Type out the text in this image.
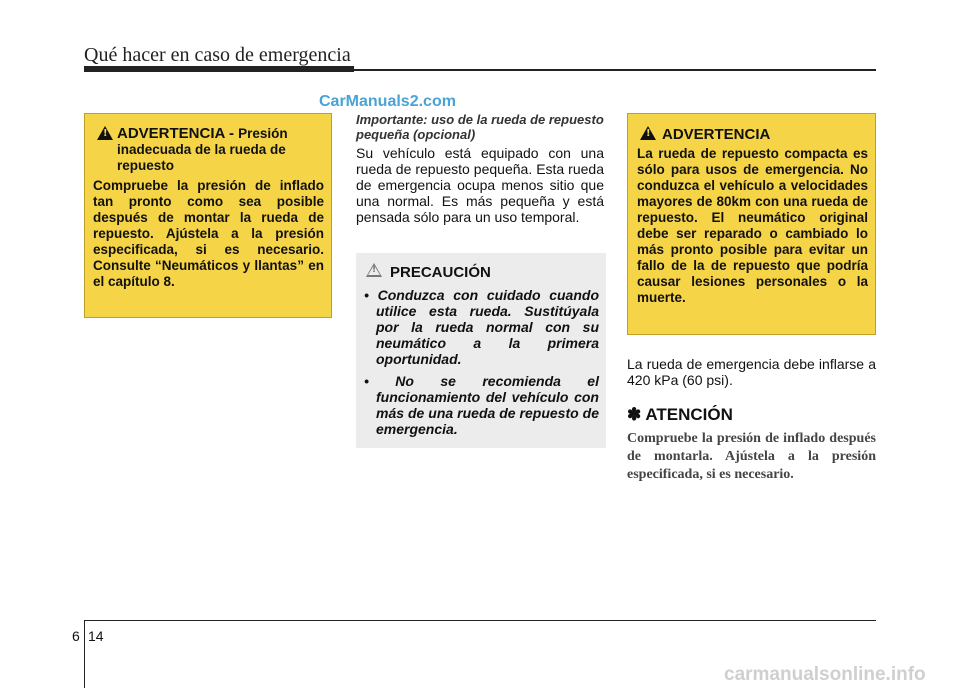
Qué hacer en caso de emergencia
CarManuals2.com
!
ADVERTENCIA - Presión inadecuada de la rueda de repuesto
Compruebe la presión de inflado tan pronto como sea posible después de montar la rueda de repuesto. Ajústela a la presión especificada, si es necesario. Consulte “Neumáticos y llantas” en el capítulo 8.
Importante: uso de la rueda de repuesto pequeña (opcional)
Su vehículo está equipado con una rueda de repuesto pequeña. Esta rueda de emergencia ocupa menos sitio que una normal. Es más pequeña y está pensada sólo para un uso temporal.
!
PRECAUCIÓN
• Conduzca con cuidado cuando utilice esta rueda. Sustitúyala por la rueda normal con su neumático a la primera oportunidad.
• No se recomienda el funcionamiento del vehículo con más de una rueda de repuesto de emergencia.
!
ADVERTENCIA
La rueda de repuesto compacta es sólo para usos de emergencia. No conduzca el vehículo a velocidades mayores de 80km con una rueda de repuesto. El neumático original debe ser reparado o cambiado lo más pronto posible para evitar un fallo de la de repuesto que podría causar lesiones personales o la muerte.
La rueda de emergencia debe inflarse a 420 kPa (60 psi).
✽ ATENCIÓN
Compruebe la presión de inflado después de montarla. Ajústela a la presión especificada, si es necesario.
6 14
carmanualsonline.info
